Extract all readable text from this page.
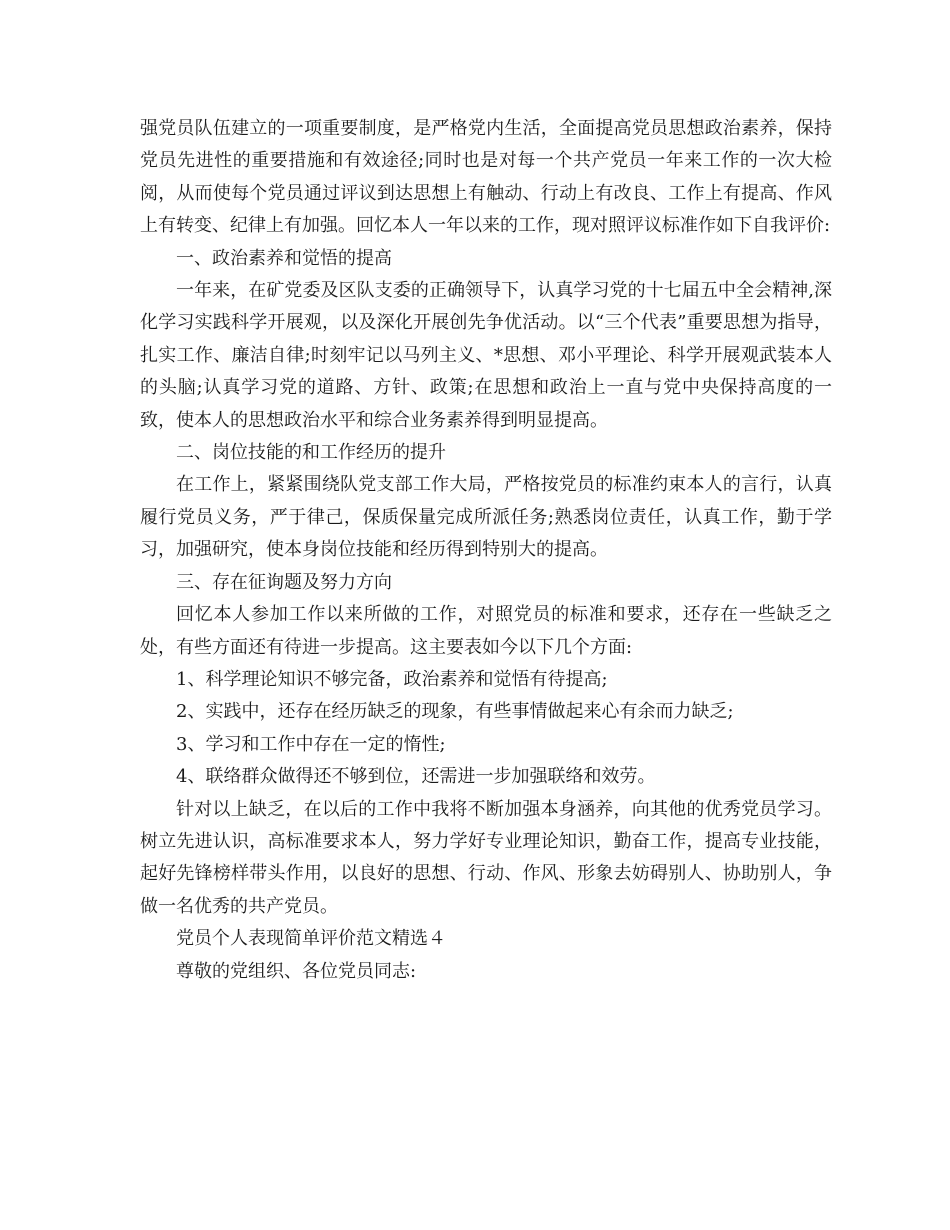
强党员队伍建立的一项重要制度，是严格党内生活，全面提高党员思想政治素养，保持党员先进性的重要措施和有效途径;同时也是对每一个共产党员一年来工作的一次大检阅，从而使每个党员通过评议到达思想上有触动、行动上有改良、工作上有提高、作风上有转变、纪律上有加强。回忆本人一年以来的工作，现对照评议标准作如下自我评价:

一、政治素养和觉悟的提高

一年来，在矿党委及区队支委的正确领导下，认真学习党的十七届五中全会精神,深化学习实践科学开展观，以及深化开展创先争优活动。以“三个代表”重要思想为指导，扎实工作、廉洁自律;时刻牢记以马列主义、*思想、邓小平理论、科学开展观武装本人的头脑;认真学习党的道路、方针、政策;在思想和政治上一直与党中央保持高度的一致，使本人的思想政治水平和综合业务素养得到明显提高。

二、岗位技能的和工作经历的提升

在工作上，紧紧围绕队党支部工作大局，严格按党员的标准约束本人的言行，认真履行党员义务，严于律己，保质保量完成所派任务;熟悉岗位责任，认真工作，勤于学习，加强研究，使本身岗位技能和经历得到特别大的提高。

三、存在征询题及努力方向

回忆本人参加工作以来所做的工作，对照党员的标准和要求，还存在一些缺乏之处，有些方面还有待进一步提高。这主要表如今以下几个方面:

1、科学理论知识不够完备，政治素养和觉悟有待提高;

2、实践中，还存在经历缺乏的现象，有些事情做起来心有余而力缺乏;

3、学习和工作中存在一定的惰性;

4、联络群众做得还不够到位，还需进一步加强联络和效劳。

针对以上缺乏，在以后的工作中我将不断加强本身涵养，向其他的优秀党员学习。树立先进认识，高标准要求本人，努力学好专业理论知识，勤奋工作，提高专业技能，起好先锋榜样带头作用，以良好的思想、行动、作风、形象去妨碍别人、协助别人，争做一名优秀的共产党员。

党员个人表现简单评价范文精选４

尊敬的党组织、各位党员同志:
